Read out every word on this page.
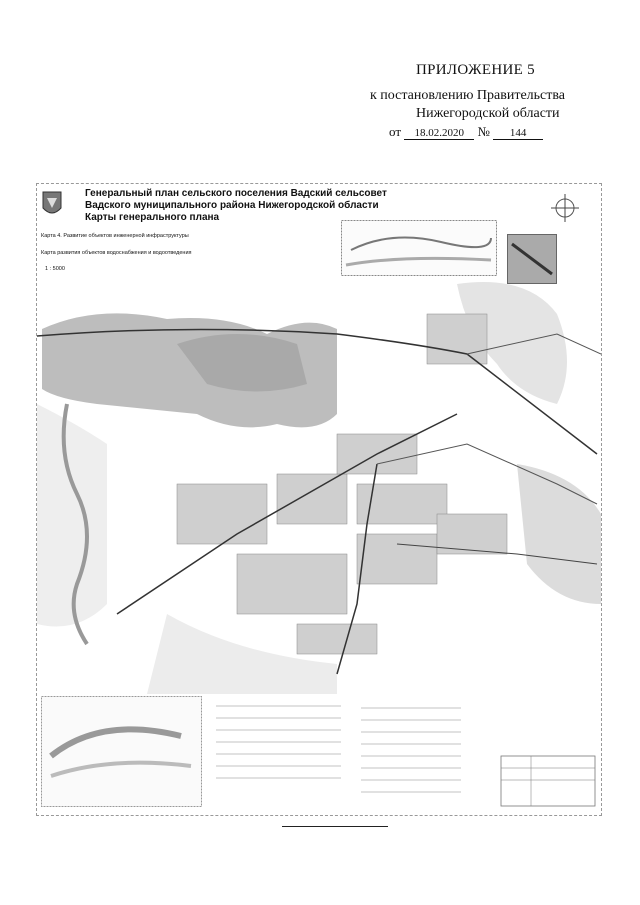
ПРИЛОЖЕНИЕ 5
к постановлению Правительства
Нижегородской области
от 18.02.2020 № 144
Генеральный план сельского поселения Вадский сельсовет
Вадского муниципального района Нижегородской области
Карты генерального плана
Карта 4. Развитие объектов инженерной инфраструктуры
Карта развития объектов водоснабжения и водоотведения
1 : 5000
